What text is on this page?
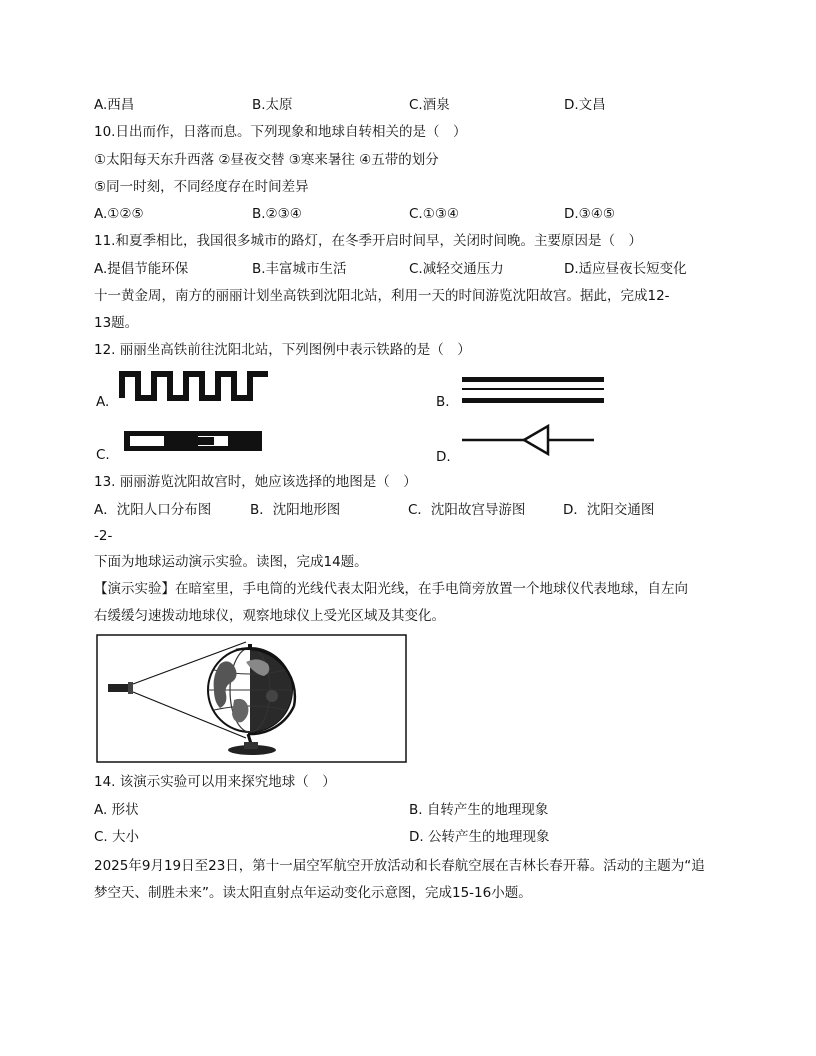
A.西昌	B.太原	C.酒泉	D.文昌
10.日出而作，日落而息。下列现象和地球自转相关的是（　）
①太阳每天东升西落 ②昼夜交替 ③寒来暑往 ④五带的划分
⑤同一时刻，不同经度存在时间差异
A.①②⑤	B.②③④	C.①③④	D.③④⑤
11.和夏季相比，我国很多城市的路灯，在冬季开启时间早，关闭时间晚。主要原因是（　）
A.提倡节能环保	B.丰富城市生活	C.减轻交通压力	D.适应昼夜长短变化
十一黄金周，南方的丽丽计划坐高铁到沈阳北站，利用一天的时间游览沈阳故宫。据此，完成12-
13题。
12. 丽丽坐高铁前往沈阳北站，下列图例中表示铁路的是（　）
A.	B.
C.	D.
13. 丽丽游览沈阳故宫时，她应该选择的地图是（　）
A．沈阳人口分布图	B．沈阳地形图	C．沈阳故宫导游图	D．沈阳交通图
-2-
下面为地球运动演示实验。读图，完成14题。
【演示实验】在暗室里，手电筒的光线代表太阳光线，在手电筒旁放置一个地球仪代表地球，自左向
右缓缓匀速拨动地球仪，观察地球仪上受光区域及其变化。
14. 该演示实验可以用来探究地球（　）
A. 形状	B. 自转产生的地理现象
C. 大小	D. 公转产生的地理现象
2025年9月19日至23日，第十一届空军航空开放活动和长春航空展在吉林长春开幕。活动的主题为“追
梦空天、制胜未来”。读太阳直射点年运动变化示意图，完成15-16小题。
